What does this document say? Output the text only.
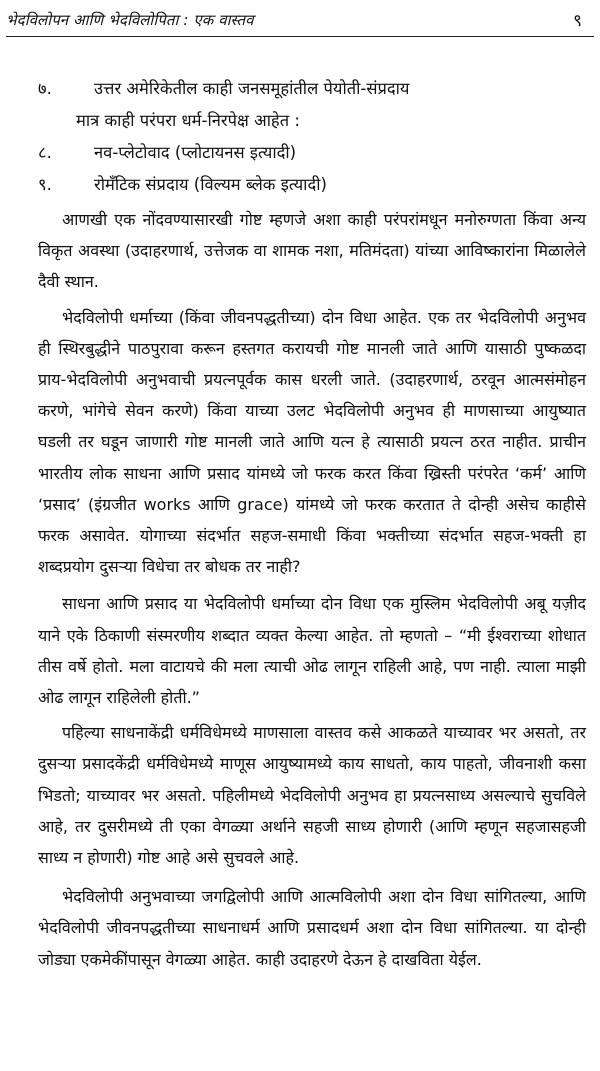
भेदविलोपन आणि भेदविलोपिता : एक वास्तव	९
७.	उत्तर अमेरिकेतील काही जनसमूहांतील पेयोती-संप्रदाय
मात्र काही परंपरा धर्म-निरपेक्ष आहेत :
८.	नव-प्लेटोवाद (प्लोटायनस इत्यादी)
९.	रोमॅंटिक संप्रदाय (विल्यम ब्लेक इत्यादी)

आणखी एक नोंदवण्यासारखी गोष्ट म्हणजे अशा काही परंपरांमधून मनोरुग्णता किंवा अन्य विकृत अवस्था (उदाहरणार्थ, उत्तेजक वा शामक नशा, मतिमंदता) यांच्या आविष्कारांना मिळालेले दैवी स्थान.

भेदविलोपी धर्माच्या (किंवा जीवनपद्धतीच्या) दोन विधा आहेत. एक तर भेदविलोपी अनुभव ही स्थिरबुद्धीने पाठपुरावा करून हस्तगत करायची गोष्ट मानली जाते आणि यासाठी पुष्कळदा प्राय-भेदविलोपी अनुभवाची प्रयत्नपूर्वक कास धरली जाते. (उदाहरणार्थ, ठरवून आत्मसंमोहन करणे, भांगेचे सेवन करणे) किंवा याच्या उलट भेदविलोपी अनुभव ही माणसाच्या आयुष्यात घडली तर घडून जाणारी गोष्ट मानली जाते आणि यत्न हे त्यासाठी प्रयत्न ठरत नाहीत. प्राचीन भारतीय लोक साधना आणि प्रसाद यांमध्ये जो फरक करत किंवा ख्रिस्ती परंपरेत ‘कर्म’ आणि ‘प्रसाद’ (इंग्रजीत works आणि grace) यांमध्ये जो फरक करतात ते दोन्ही असेच काहीसे फरक असावेत. योगाच्या संदर्भात सहज-समाधी किंवा भक्तीच्या संदर्भात सहज-भक्ती हा शब्दप्रयोग दुसऱ्या विधेचा तर बोधक तर नाही?

साधना आणि प्रसाद या भेदविलोपी धर्माच्या दोन विधा एक मुस्लिम भेदविलोपी अबू यज़ीद याने एके ठिकाणी संस्मरणीय शब्दात व्यक्त केल्या आहेत. तो म्हणतो – “मी ईश्वराच्या शोधात तीस वर्षे होतो. मला वाटायचे की मला त्याची ओढ लागून राहिली आहे, पण नाही. त्याला माझी ओढ लागून राहिलेली होती.”

पहिल्या साधनाकेंद्री धर्मविधेमध्ये माणसाला वास्तव कसे आकळते याच्यावर भर असतो, तर दुसऱ्या प्रसादकेंद्री धर्मविधेमध्ये माणूस आयुष्यामध्ये काय साधतो, काय पाहतो, जीवनाशी कसा भिडतो; याच्यावर भर असतो. पहिलीमध्ये भेदविलोपी अनुभव हा प्रयत्नसाध्य असल्याचे सुचविले आहे, तर दुसरीमध्ये ती एका वेगळ्या अर्थाने सहजी साध्य होणारी (आणि म्हणून सहजासहजी साध्य न होणारी) गोष्ट आहे असे सुचवले आहे.

भेदविलोपी अनुभवाच्या जगद्विलोपी आणि आत्मविलोपी अशा दोन विधा सांगितल्या, आणि भेदविलोपी जीवनपद्धतीच्या साधनाधर्म आणि प्रसादधर्म अशा दोन विधा सांगितल्या. या दोन्ही जोड्या एकमेकींपासून वेगळ्या आहेत. काही उदाहरणे देऊन हे दाखविता येईल.
